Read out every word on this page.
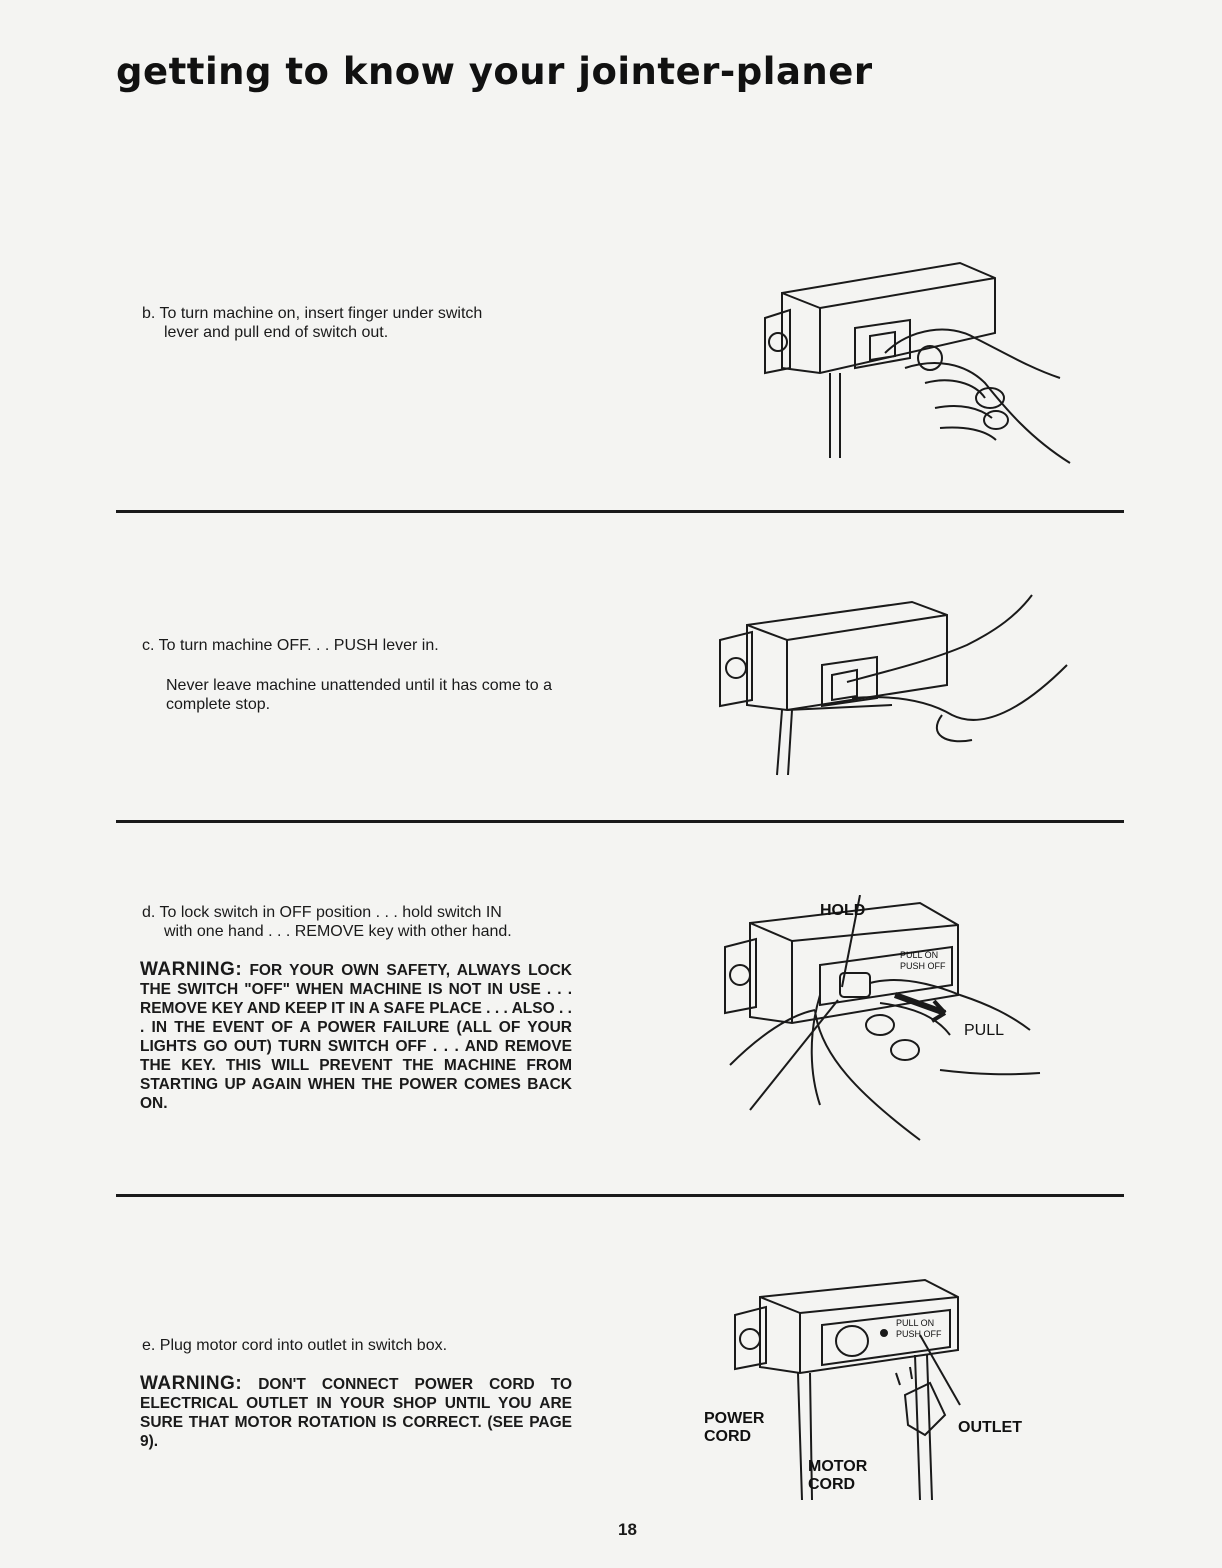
getting to know your jointer-planer
b. To turn machine on, insert finger under switch
lever and pull end of switch out.
c. To turn machine OFF. . . PUSH lever in.
Never leave machine unattended until it has come to a complete stop.
d. To lock switch in OFF position . . . hold switch IN
with one hand . . . REMOVE key with other hand.
WARNING: FOR YOUR OWN SAFETY, ALWAYS LOCK THE SWITCH "OFF" WHEN MACHINE IS NOT IN USE . . . REMOVE KEY AND KEEP IT IN A SAFE PLACE . . . ALSO . . . IN THE EVENT OF A POWER FAILURE (ALL OF YOUR LIGHTS GO OUT) TURN SWITCH OFF . . . AND REMOVE THE KEY. THIS WILL PREVENT THE MACHINE FROM STARTING UP AGAIN WHEN THE POWER COMES BACK ON.
HOLD
PULL
PULL ON
PUSH OFF
e. Plug motor cord into outlet in switch box.
WARNING: DON'T CONNECT POWER CORD TO ELECTRICAL OUTLET IN YOUR SHOP UNTIL YOU ARE SURE THAT MOTOR ROTATION IS CORRECT. (SEE PAGE 9).
PULL ON
PUSH OFF
POWER
CORD
MOTOR
CORD
OUTLET
18
